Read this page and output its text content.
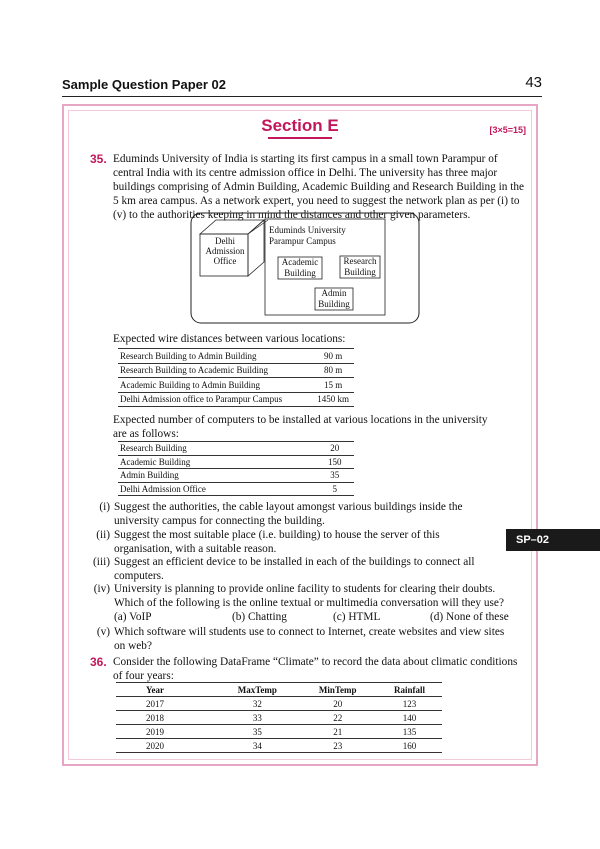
Sample Question Paper 02	43
Section E	[3×5=15]
35. Eduminds University of India is starting its first campus in a small town Parampur of
central India with its centre admission office in Delhi. The university has three major
buildings comprising of Admin Building, Academic Building and Research Building in the
5 km area campus. As a network expert, you need to suggest the network plan as per (i) to
(v) to the authorities keeping in mind the distances and other given parameters.
Delhi
Admission
Office
Eduminds University
Parampur Campus
Academic
Building
Research
Building
Admin
Building
Expected wire distances between various locations:
Research Building to Admin Building	90 m
Research Building to Academic Building	80 m
Academic Building to Admin Building	15 m
Delhi Admission office to Parampur Campus	1450 km
Expected number of computers to be installed at various locations in the university
are as follows:
Research Building	20
Academic Building	150
Admin Building	35
Delhi Admission Office	5
(i) Suggest the authorities, the cable layout amongst various buildings inside the
university campus for connecting the building.
(ii) Suggest the most suitable place (i.e. building) to house the server of this
organisation, with a suitable reason.
(iii) Suggest an efficient device to be installed in each of the buildings to connect all
computers.
(iv) University is planning to provide online facility to students for clearing their doubts.
Which of the following is the online textual or multimedia conversation will they use?
(a) VoIP	(b) Chatting	(c) HTML	(d) None of these
(v) Which software will students use to connect to Internet, create websites and view sites
on web?
SP–02
36. Consider the following DataFrame “Climate” to record the data about climatic conditions
of four years:
Year	MaxTemp	MinTemp	Rainfall
2017	32	20	123
2018	33	22	140
2019	35	21	135
2020	34	23	160
